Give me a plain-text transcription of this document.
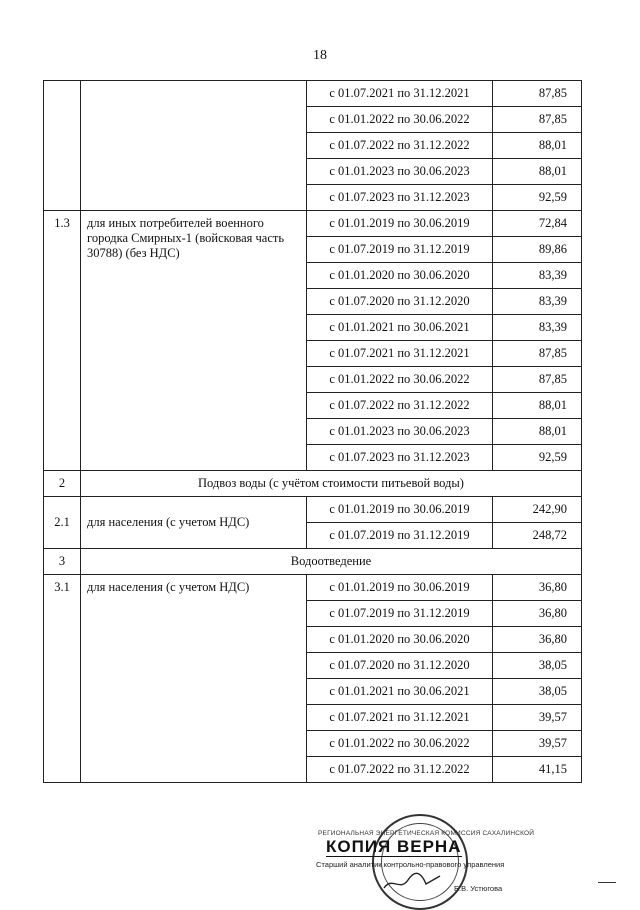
18
		с 01.07.2021 по 31.12.2021	87,85
		с 01.01.2022 по 30.06.2022	87,85
		с 01.07.2022 по 31.12.2022	88,01
		с 01.01.2023 по 30.06.2023	88,01
		с 01.07.2023 по 31.12.2023	92,59
1.3	для иных потребителей военного городка Смирных-1 (войсковая часть 30788) (без НДС)	с 01.01.2019 по 30.06.2019	72,84
		с 01.07.2019 по 31.12.2019	89,86
		с 01.01.2020 по 30.06.2020	83,39
		с 01.07.2020 по 31.12.2020	83,39
		с 01.01.2021 по 30.06.2021	83,39
		с 01.07.2021 по 31.12.2021	87,85
		с 01.01.2022 по 30.06.2022	87,85
		с 01.07.2022 по 31.12.2022	88,01
		с 01.01.2023 по 30.06.2023	88,01
		с 01.07.2023 по 31.12.2023	92,59
2	Подвоз воды (с учётом стоимости питьевой воды)		
2.1	для населения (с учетом НДС)	с 01.01.2019 по 30.06.2019	242,90
		с 01.07.2019 по 31.12.2019	248,72
3	Водоотведение		
3.1	для населения (с учетом НДС)	с 01.01.2019 по 30.06.2019	36,80
		с 01.07.2019 по 31.12.2019	36,80
		с 01.01.2020 по 30.06.2020	36,80
		с 01.07.2020 по 31.12.2020	38,05
		с 01.01.2021 по 30.06.2021	38,05
		с 01.07.2021 по 31.12.2021	39,57
		с 01.01.2022 по 30.06.2022	39,57
		с 01.07.2022 по 31.12.2022	41,15
РЕГИОНАЛЬНАЯ ЭНЕРГЕТИЧЕСКАЯ КОМИССИЯ САХАЛИНСКОЙ
КОПИЯ ВЕРНА
Старший аналитик контрольно-правового управления
Е.В. Устюгова
